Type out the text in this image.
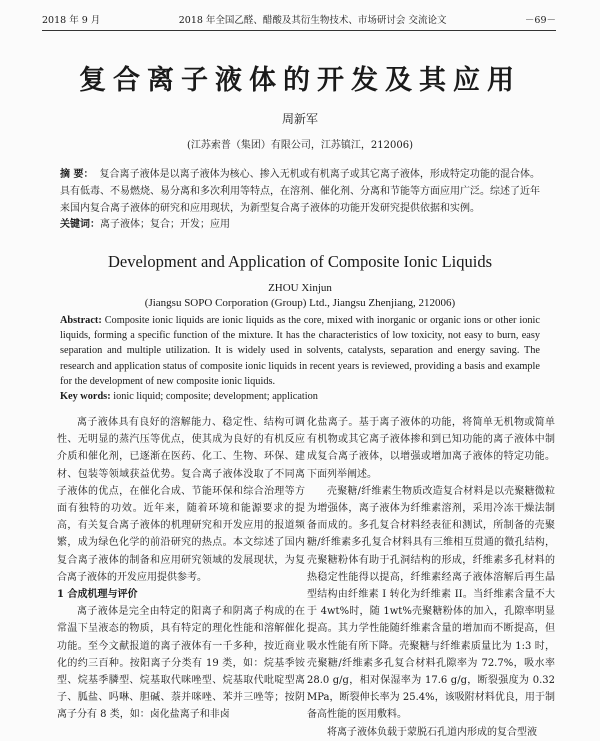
2018 年 9 月	2018 年全国乙醛、醋酸及其衍生物技术、市场研讨会 交流论文	－69－
复合离子液体的开发及其应用
周新军
(江苏索普（集团）有限公司，江苏镇江，212006)
摘 要： 复合离子液体是以离子液体为核心、掺入无机或有机离子或其它离子液体，形成特定功能的混合体。具有低毒、不易燃烧、易分离和多次利用等特点，在溶剂、催化剂、分离和节能等方面应用广泛。综述了近年来国内复合离子液体的研究和应用现状，为新型复合离子液体的功能开发研究提供依据和实例。
关键词：离子液体；复合；开发；应用
Development and Application of Composite Ionic Liquids
ZHOU Xinjun
(Jiangsu SOPO Corporation (Group) Ltd., Jiangsu Zhenjiang, 212006)
Abstract: Composite ionic liquids are ionic liquids as the core, mixed with inorganic or organic ions or other ionic liquids, forming a specific function of the mixture. It has the characteristics of low toxicity, not easy to burn, easy separation and multiple utilization. It is widely used in solvents, catalysts, separation and energy saving. The research and application status of composite ionic liquids in recent years is reviewed, providing a basis and example for the development of new composite ionic liquids.
Key words: ionic liquid; composite; development; application

离子液体具有良好的溶解能力、稳定性、结构可调性、无明显的蒸汽压等优点，使其成为良好的有机反应介质和催化剂，已逐渐在医药、化工、生物、环保、建材、包装等领域获益优势。复合离子液体没取了不同离子液体的优点，在催化合成、节能环保和综合治理等方面有独特的功效。近年来，随着环境和能源要求的提高，有关复合离子液体的机理研究和开发应用的报道频繁，成为绿色化学的前沿研究的热点。本文综述了国内复合离子液体的制备和应用研究领域的发展现状，为复合离子液体的开发应用提供参考。

1 合成机理与评价

离子液体是完全由特定的阳离子和阴离子构成的在常温下呈液态的物质，具有特定的理化性能和溶解催化功能。至今文献报道的离子液体有一千多种，按近商业化的约三百种。按阳离子分类有 19 类，如：烷基季铵型、烷基季膦型、烷基取代咪唑型、烷基取代吡啶型离子、胍盐、吗啉、胆碱、萘并咪唑、苯并三唑等；按阴离子分有 8 类，如：卤化盐离子和非卤

化盐离子。基于离子液体的功能，将简单无机物或简单有机物或其它离子液体掺和到已知功能的离子液体中制成复合离子液体，以增强或增加离子液体的特定功能。下面列举阐述。

壳聚糖/纤维素生物质改造复合材料是以壳聚糖微粒为增强体，离子液体为纤维素溶剂，采用冷冻干燥法制备而成的。多孔复合材料经表征和测试，所制备的壳聚糖/纤维素多孔复合材料具有三维相互贯通的微孔结构，壳聚糖粉体有助于孔洞结构的形成，纤维素多孔材料的热稳定性能得以提高，纤维素经离子液体溶解后再生晶型结构由纤维素 I 转化为纤维素 II。当纤维素含量不大于 4wt%时，随 1wt%壳聚糖粉体的加入，孔隙率明显提高。其力学性能随纤维素含量的增加而不断提高，但吸水性能有所下降。壳聚糖与纤维素质量比为 1:3 时，壳聚糖/纤维素多孔复合材料孔隙率为 72.7%，吸水率 28.0 g/g，相对保湿率为 17.6 g/g，断裂强度为 0.32 MPa，断裂伸长率为 25.4%，该吸附材料优良，用于制备高性能的医用敷料。

将离子液体负载于蒙脱石孔道内形成的复合型液
